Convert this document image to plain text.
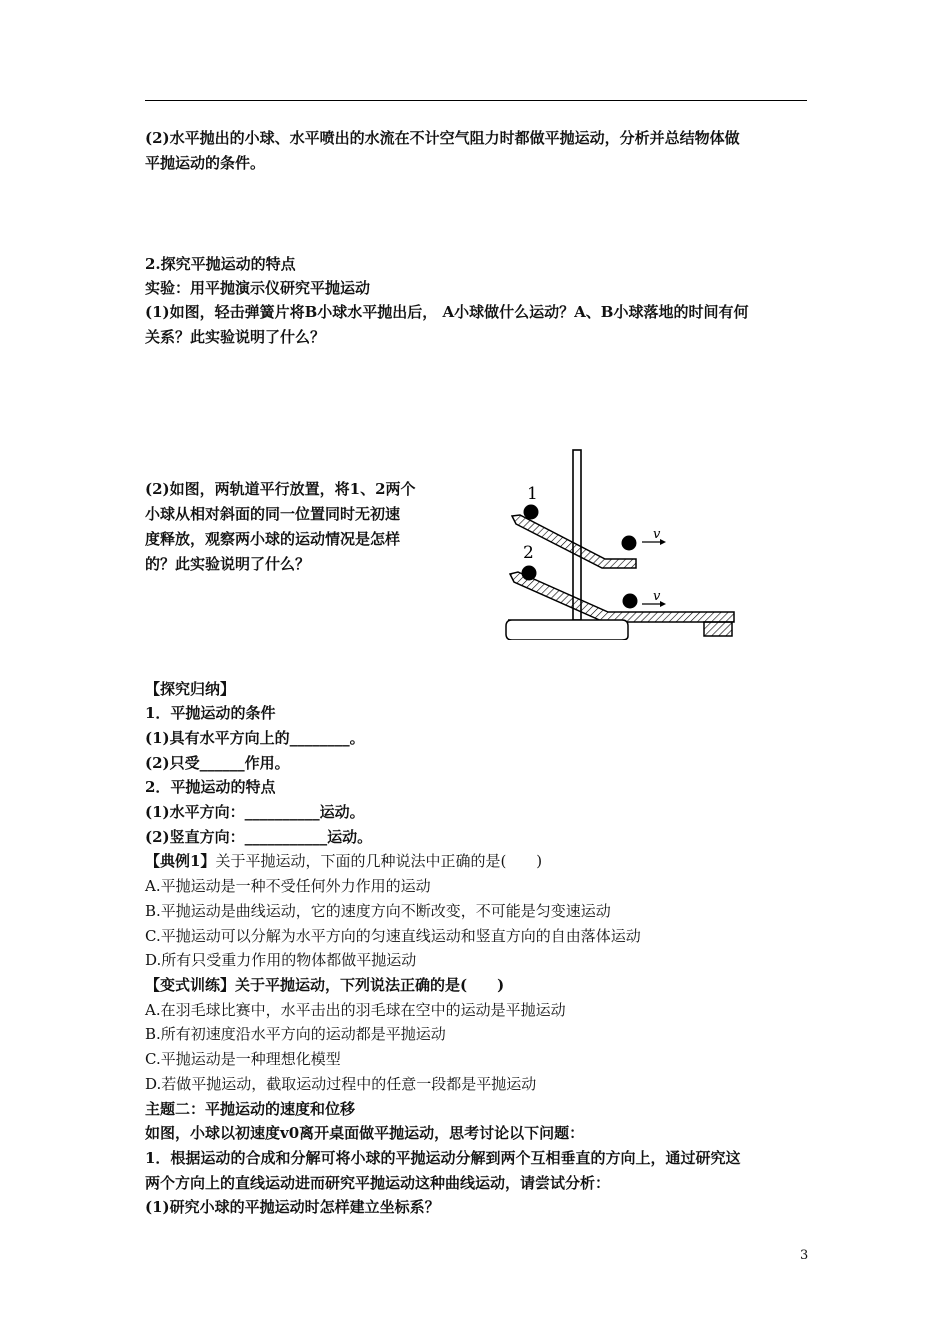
(2)水平抛出的小球、水平喷出的水流在不计空气阻力时都做平抛运动，分析并总结物体做
平抛运动的条件。
2.探究平抛运动的特点
实验：用平抛演示仪研究平抛运动
(1)如图，轻击弹簧片将B小球水平抛出后， A小球做什么运动？A、B小球落地的时间有何
关系？此实验说明了什么？
(2)如图，两轨道平行放置，将1、2两个
小球从相对斜面的同一位置同时无初速
度释放，观察两小球的运动情况是怎样
的？此实验说明了什么？
1
2
v
v
【探究归纳】
1．平抛运动的条件
(1)具有水平方向上的________。
(2)只受______作用。
2．平抛运动的特点
(1)水平方向：__________运动。
(2)竖直方向：___________运动。
【典例1】关于平抛运动，下面的几种说法中正确的是(　　)
A.平抛运动是一种不受任何外力作用的运动
B.平抛运动是曲线运动，它的速度方向不断改变，不可能是匀变速运动
C.平抛运动可以分解为水平方向的匀速直线运动和竖直方向的自由落体运动
D.所有只受重力作用的物体都做平抛运动
【变式训练】关于平抛运动，下列说法正确的是(　　)
A.在羽毛球比赛中，水平击出的羽毛球在空中的运动是平抛运动
B.所有初速度沿水平方向的运动都是平抛运动
C.平抛运动是一种理想化模型
D.若做平抛运动，截取运动过程中的任意一段都是平抛运动
主题二：平抛运动的速度和位移
如图，小球以初速度v0离开桌面做平抛运动，思考讨论以下问题：
1．根据运动的合成和分解可将小球的平抛运动分解到两个互相垂直的方向上，通过研究这
两个方向上的直线运动进而研究平抛运动这种曲线运动，请尝试分析：
(1)研究小球的平抛运动时怎样建立坐标系？
3
